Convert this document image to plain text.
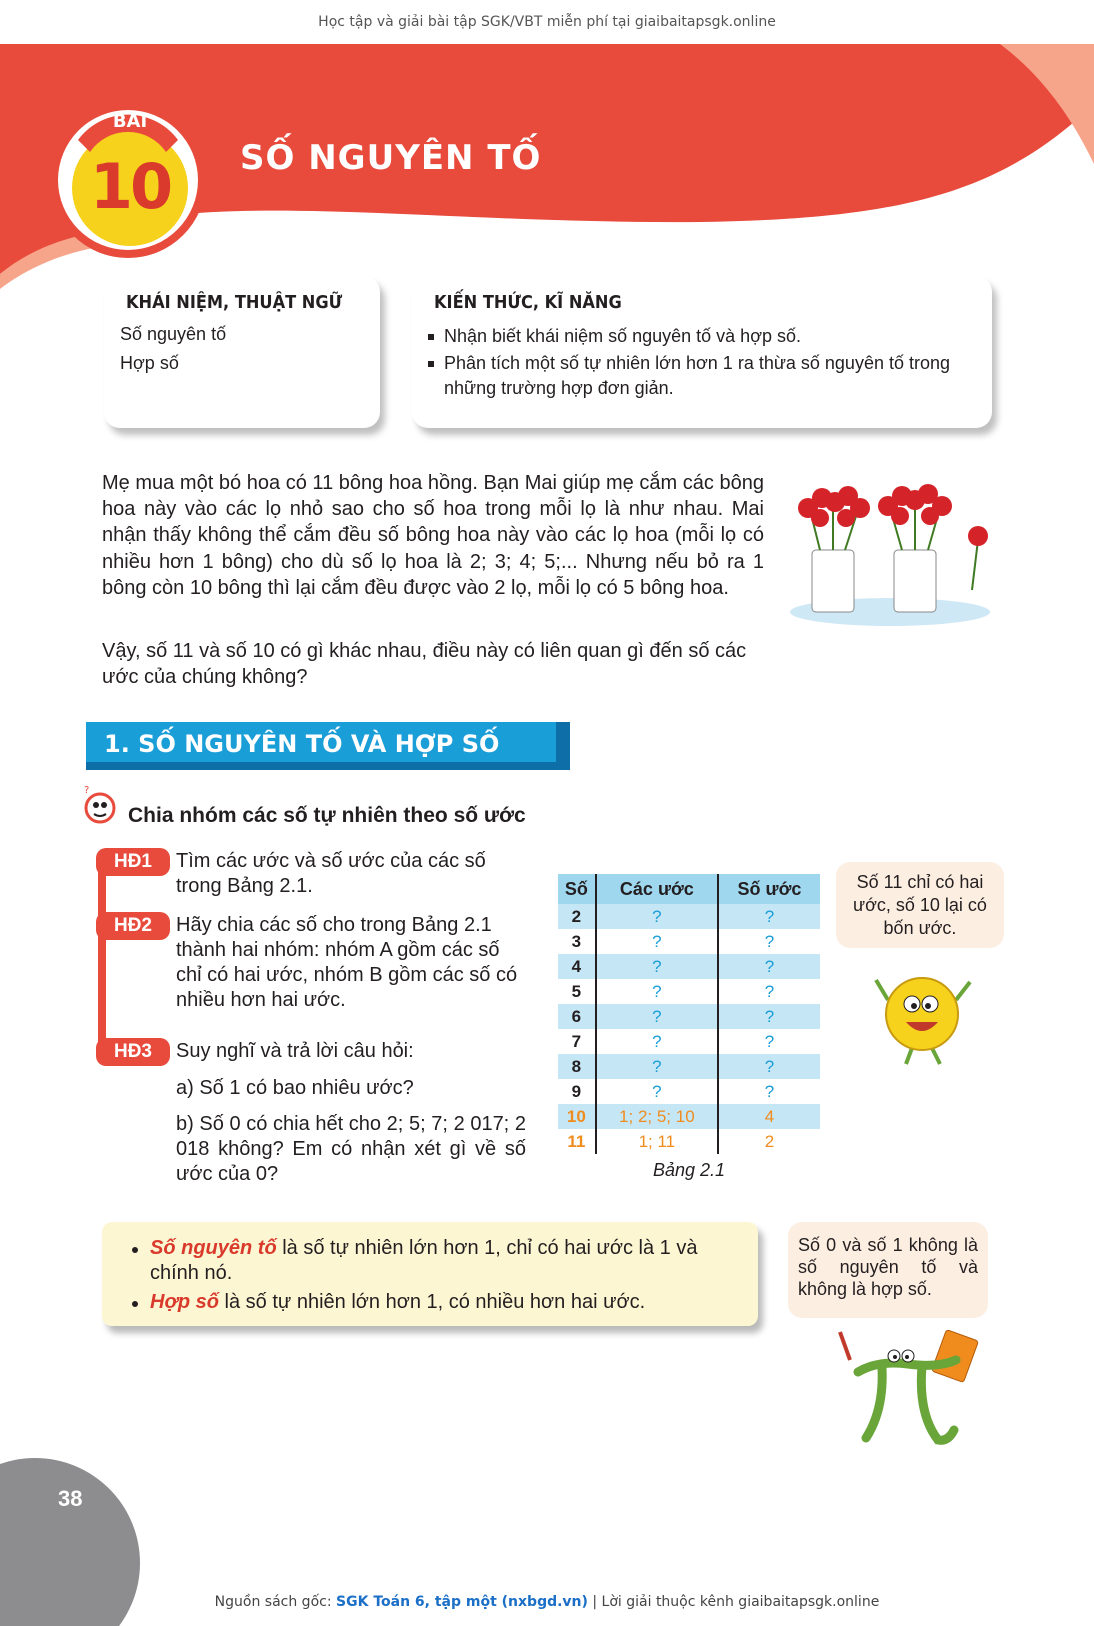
Học tập và giải bài tập SGK/VBT miễn phí tại giaibaitapsgk.online
BÀI
10	SỐ NGUYÊN TỐ
KHÁI NIỆM, THUẬT NGỮ
Số nguyên tố
Hợp số
KIẾN THỨC, KĨ NĂNG
Nhận biết khái niệm số nguyên tố và hợp số.
Phân tích một số tự nhiên lớn hơn 1 ra thừa số nguyên tố trong những trường hợp đơn giản.

Mẹ mua một bó hoa có 11 bông hoa hồng. Bạn Mai giúp mẹ cắm các bông hoa này vào các lọ nhỏ sao cho số hoa trong mỗi lọ là như nhau. Mai nhận thấy không thể cắm đều số bông hoa này vào các lọ hoa (mỗi lọ có nhiều hơn 1 bông) cho dù số lọ hoa là 2; 3; 4; 5;... Nhưng nếu bỏ ra 1 bông còn 10 bông thì lại cắm đều được vào 2 lọ, mỗi lọ có 5 bông hoa.

Vậy, số 11 và số 10 có gì khác nhau, điều này có liên quan gì đến số các ước của chúng không?

1. SỐ NGUYÊN TỐ VÀ HỢP SỐ
?
Chia nhóm các số tự nhiên theo số ước
HĐ1	Tìm các ước và số ước của các số trong Bảng 2.1.
HĐ2	Hãy chia các số cho trong Bảng 2.1 thành hai nhóm: nhóm A gồm các số chỉ có hai ước, nhóm B gồm các số có nhiều hơn hai ước.
HĐ3	Suy nghĩ và trả lời câu hỏi:
a) Số 1 có bao nhiêu ước?
b) Số 0 có chia hết cho 2; 5; 7; 2 017; 2 018 không? Em có nhận xét gì về số ước của 0?
Số	Các ước	Số ước
2	?	?
3	?	?
4	?	?
5	?	?
6	?	?
7	?	?
8	?	?
9	?	?
10	1; 2; 5; 10	4
11	1; 11	2
Bảng 2.1
Số 11 chỉ có hai ước, số 10 lại có bốn ước.
Số nguyên tố là số tự nhiên lớn hơn 1, chỉ có hai ước là 1 và chính nó.
Hợp số là số tự nhiên lớn hơn 1, có nhiều hơn hai ước.
Số 0 và số 1 không là số nguyên tố và không là hợp số.
38
Nguồn sách gốc: SGK Toán 6, tập một (nxbgd.vn) | Lời giải thuộc kênh giaibaitapsgk.online
